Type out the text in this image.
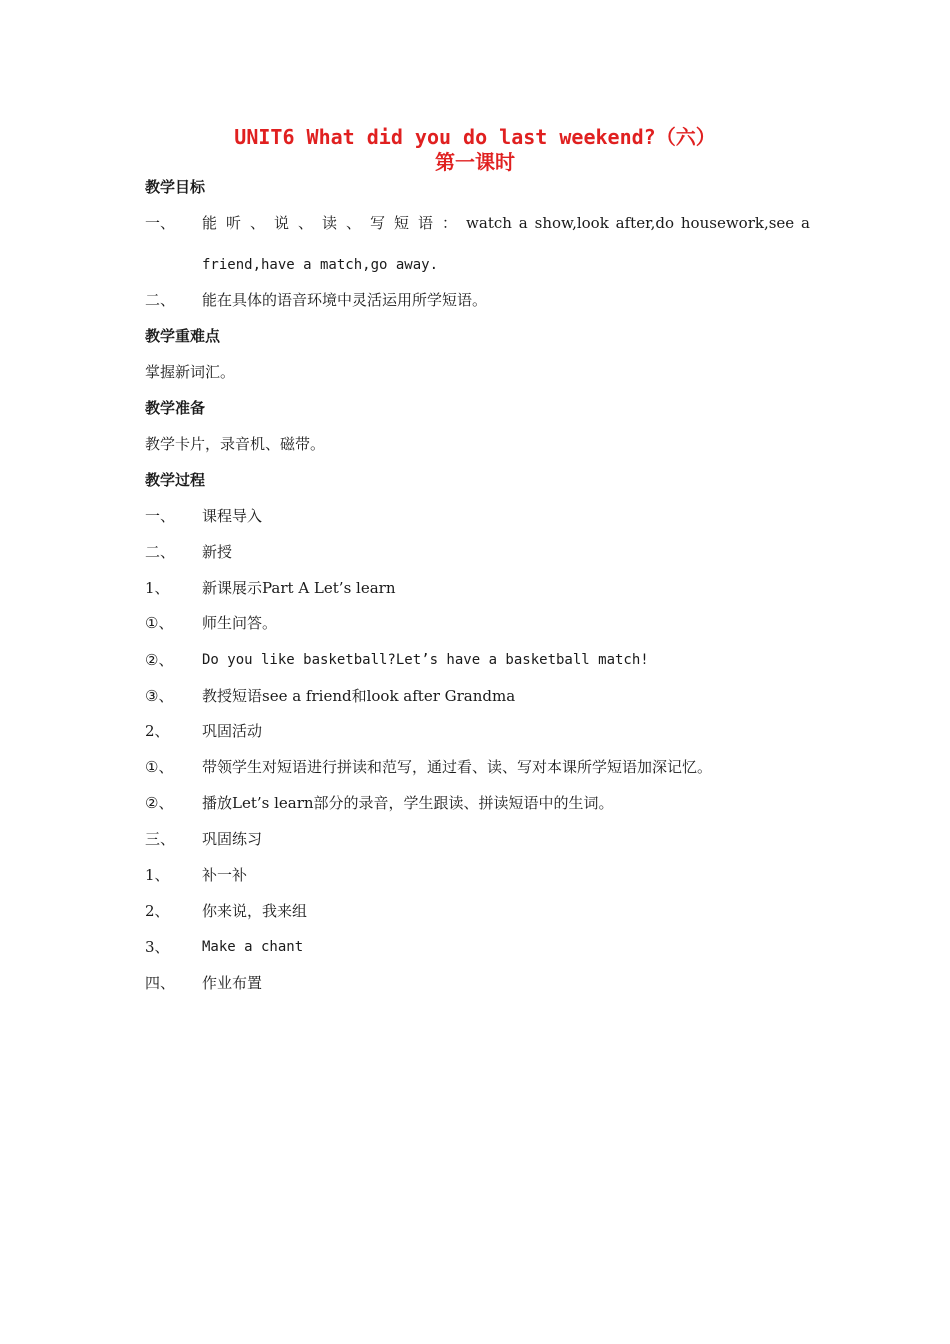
UNIT6 What did you do last weekend?（六）
第一课时
教学目标
一、 能 听 、 说 、 读 、 写 短 语 ： watch a show,look after,do housework,see a
friend,have a match,go away.
二、 能在具体的语音环境中灵活运用所学短语。
教学重难点
掌握新词汇。
教学准备
教学卡片，录音机、磁带。
教学过程
一、 课程导入
二、 新授
1、 新课展示Part A Let’s learn
①、 师生问答。
②、 Do you like basketball?Let’s have a basketball match!
③、 教授短语see a friend和look after Grandma
2、 巩固活动
①、 带领学生对短语进行拼读和范写，通过看、读、写对本课所学短语加深记忆。
②、 播放Let’s learn部分的录音，学生跟读、拼读短语中的生词。
三、 巩固练习
1、 补一补
2、 你来说，我来组
3、 Make a chant
四、 作业布置
